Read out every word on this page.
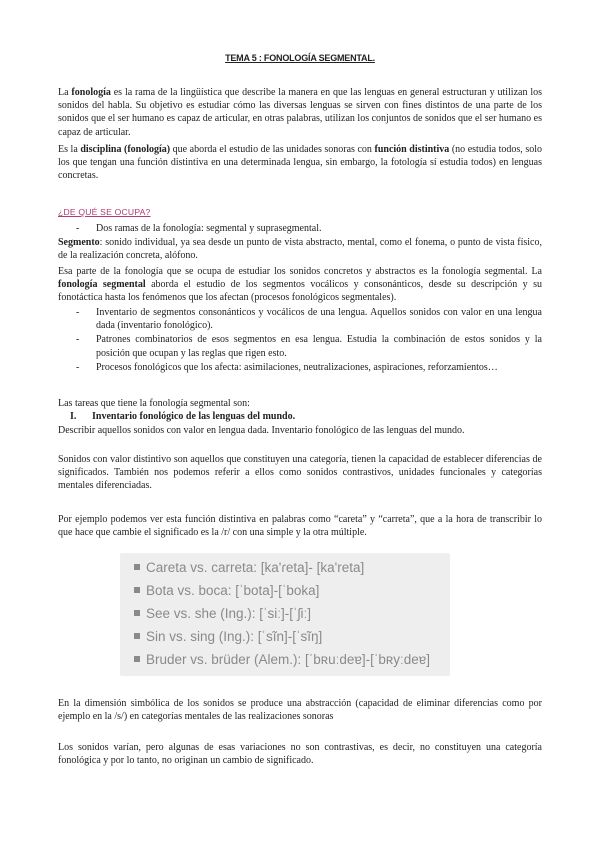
TEMA 5 : FONOLOGÍA SEGMENTAL.

La fonología es la rama de la lingüística que describe la manera en que las lenguas en general estructuran y utilizan los sonidos del habla. Su objetivo es estudiar cómo las diversas lenguas se sirven con fines distintos de una parte de los sonidos que el ser humano es capaz de articular, en otras palabras, utilizan los conjuntos de sonidos que el ser humano es capaz de articular.

Es la disciplina (fonología) que aborda el estudio de las unidades sonoras con función distintiva (no estudia todos, solo los que tengan una función distintiva en una determinada lengua, sin embargo, la fotología sí estudia todos) en lenguas concretas.

¿DE QUÉ SE OCUPA?
- Dos ramas de la fonología: segmental y suprasegmental.

Segmento: sonido individual, ya sea desde un punto de vista abstracto, mental, como el fonema, o punto de vista físico, de la realización concreta, alófono.

Esa parte de la fonología que se ocupa de estudiar los sonidos concretos y abstractos es la fonología segmental. La fonología segmental aborda el estudio de los segmentos vocálicos y consonánticos, desde su descripción y su fonotáctica hasta los fenómenos que los afectan (procesos fonológicos segmentales).

- Inventario de segmentos consonánticos y vocálicos de una lengua. Aquellos sonidos con valor en una lengua dada (inventario fonológico).
- Patrones combinatorios de esos segmentos en esa lengua. Estudia la combinación de estos sonidos y la posición que ocupan y las reglas que rigen esto.
- Procesos fonológicos que los afecta: asimilaciones, neutralizaciones, aspiraciones, reforzamientos…

Las tareas que tiene la fonología segmental son:

I. Inventario fonológico de las lenguas del mundo.

Describir aquellos sonidos con valor en lengua dada. Inventario fonológico de las lenguas del mundo.

Sonidos con valor distintivo son aquellos que constituyen una categoría, tienen la capacidad de establecer diferencias de significados. También nos podemos referir a ellos como sonidos contrastivos, unidades funcionales y categorías mentales diferenciadas.

Por ejemplo podemos ver esta función distintiva en palabras como “careta” y “carreta”, que a la hora de transcribir lo que hace que cambie el significado es la /r/ con una simple y la otra múltiple.

Careta vs. carreta: [ka'ɾeta]- [ka'reta]
Bota vs. boca: [ˈbota]-[ˈboka]
See vs. she (Ing.): [ˈsiː]-[ˈʃiː]
Sin vs. sing (Ing.): [ˈsĩn]-[ˈsĩŋ]
Bruder vs. brüder (Alem.): [ˈbʀuːdeɐ]-[ˈbʀyːdeɐ]

En la dimensión simbólica de los sonidos se produce una abstracción (capacidad de eliminar diferencias como por ejemplo en la /s/) en categorías mentales de las realizaciones sonoras

Los sonidos varían, pero algunas de esas variaciones no son contrastivas, es decir, no constituyen una categoría fonológica y por lo tanto, no originan un cambio de significado.
